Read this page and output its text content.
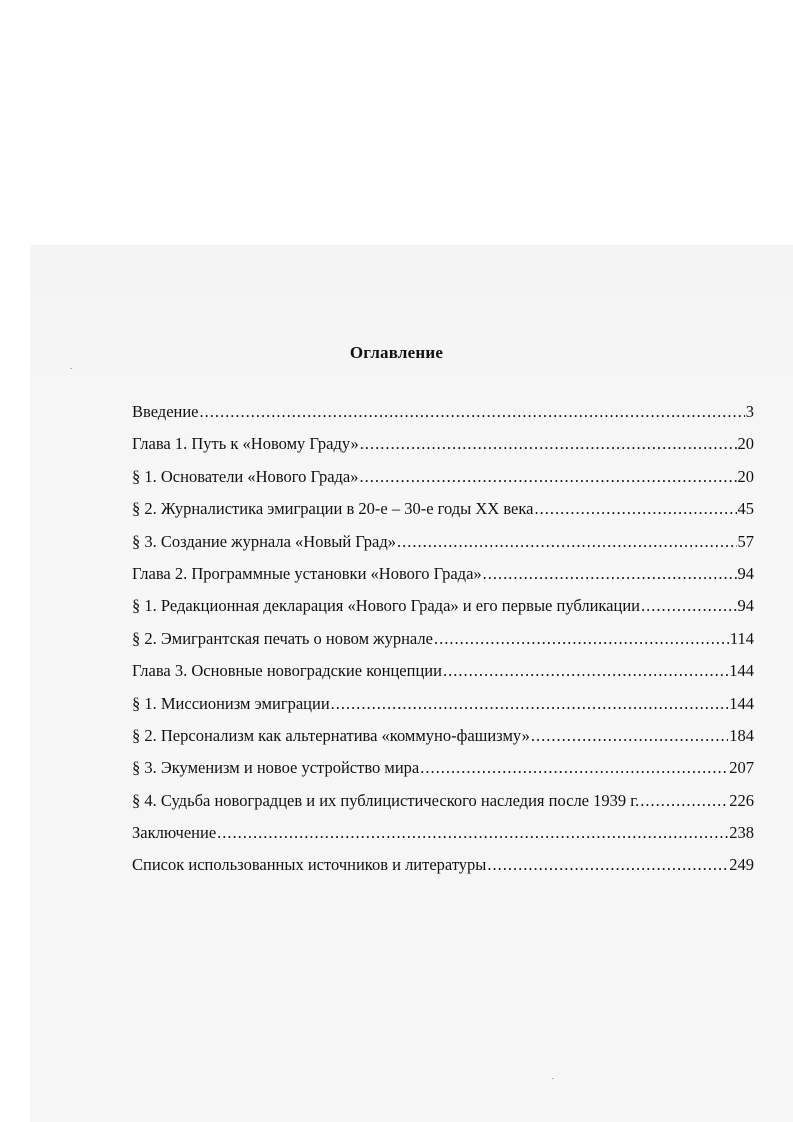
Оглавление
Введение .....	3
Глава 1. Путь к «Новому Граду» .....	20
§ 1. Основатели «Нового Града» .....	20
§ 2. Журналистика эмиграции в 20-е – 30-е годы XX века .....	45
§ 3. Создание журнала «Новый Град» .....	57
Глава 2. Программные установки «Нового Града» .....	94
§ 1. Редакционная декларация «Нового Града» и его первые публикации .....	94
§ 2. Эмигрантская печать о новом журнале .....	114
Глава 3. Основные новоградские концепции .....	144
§ 1. Миссионизм эмиграции .....	144
§ 2. Персонализм как альтернатива «коммуно-фашизму» .....	184
§ 3. Экуменизм и новое устройство мира .....	207
§ 4. Судьба новоградцев и их публицистического наследия после 1939 г. .....	226
Заключение .....	238
Список использованных источников и литературы .....	249
